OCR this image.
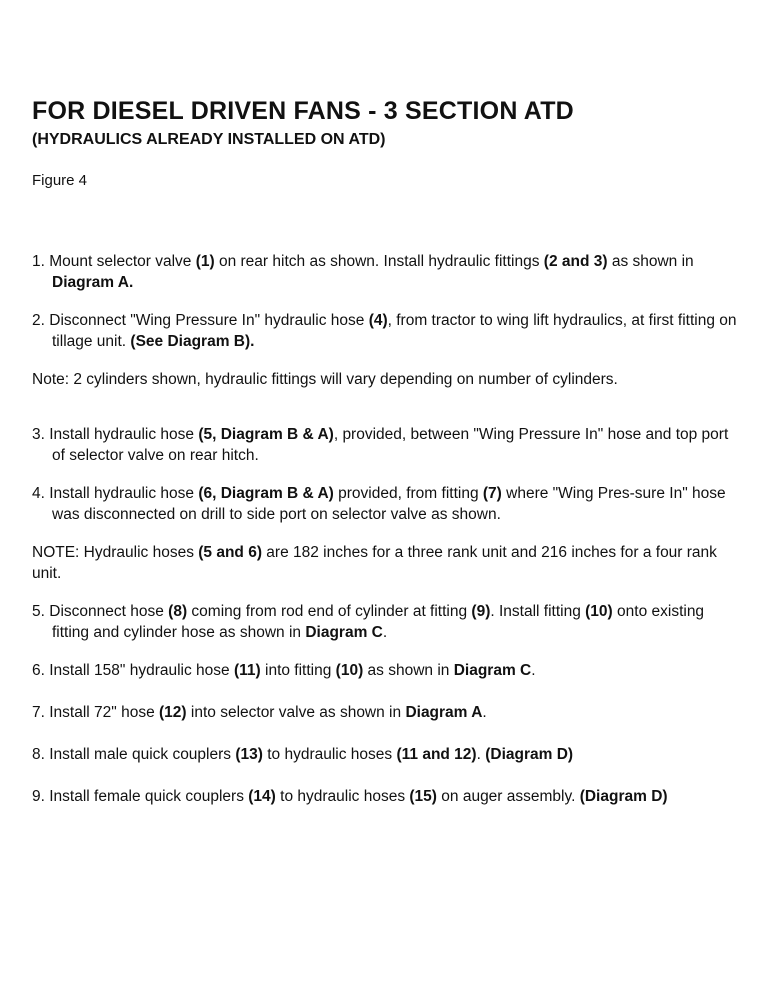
FOR DIESEL DRIVEN FANS - 3 SECTION ATD
(HYDRAULICS ALREADY INSTALLED ON ATD)
Figure 4
1. Mount selector valve (1) on rear hitch as shown. Install hydraulic fittings (2 and 3) as shown in Diagram A.
2. Disconnect "Wing Pressure In" hydraulic hose (4), from tractor to wing lift hydraulics, at first fitting on tillage unit. (See Diagram B).
Note: 2 cylinders shown, hydraulic fittings will vary depending on number of cylinders.
3. Install hydraulic hose (5, Diagram B & A), provided, between "Wing Pressure In" hose and top port of selector valve on rear hitch.
4. Install hydraulic hose (6, Diagram B & A) provided, from fitting (7) where "Wing Pres-sure In" hose was disconnected on drill to side port on selector valve as shown.
NOTE: Hydraulic hoses (5 and 6) are 182 inches for a three rank unit and 216 inches for a four rank unit.
5. Disconnect hose (8) coming from rod end of cylinder at fitting (9). Install fitting (10) onto existing fitting and cylinder hose as shown in Diagram C.
6. Install 158" hydraulic hose (11) into fitting (10) as shown in Diagram C.
7. Install 72" hose (12) into selector valve as shown in Diagram A.
8. Install male quick couplers (13) to hydraulic hoses (11 and 12). (Diagram D)
9. Install female quick couplers (14) to hydraulic hoses (15) on auger assembly. (Diagram D)
